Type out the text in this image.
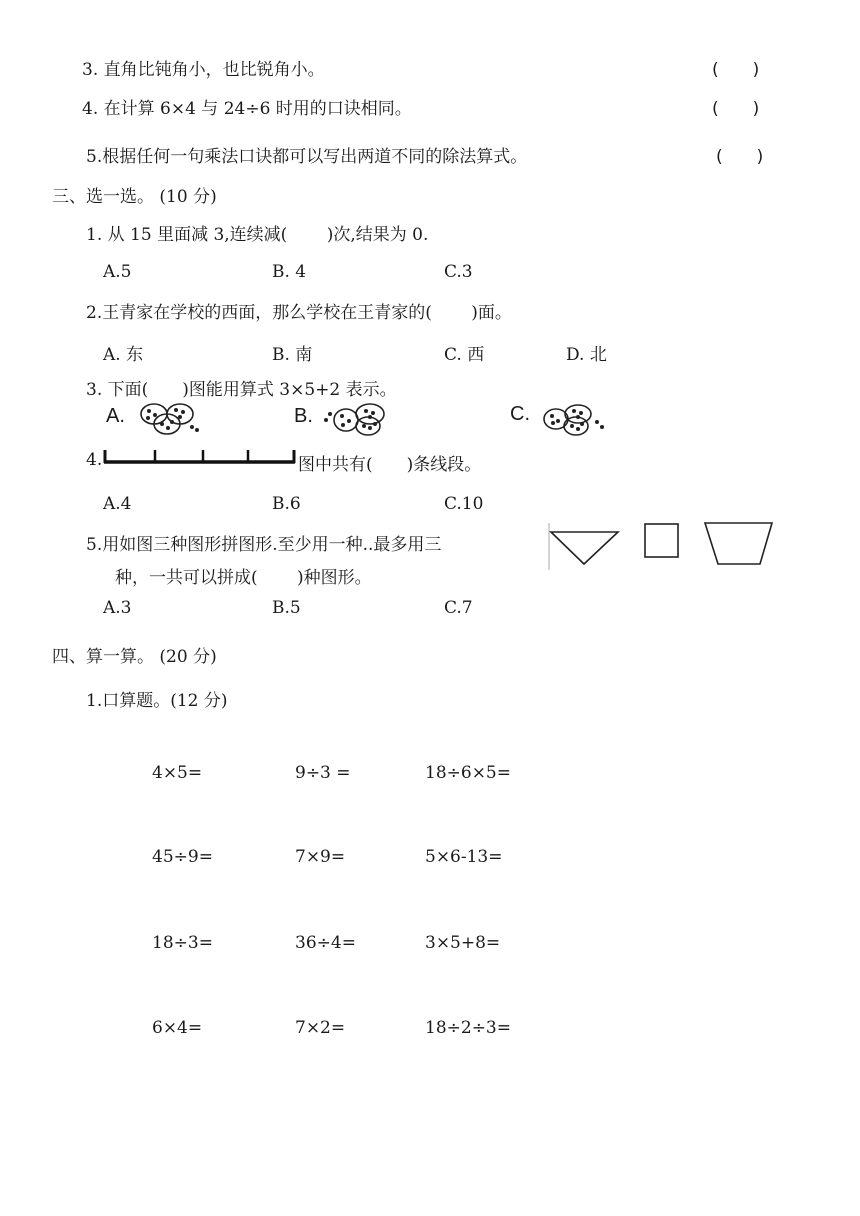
3. 直角比钝角小，也比锐角小。	(　　)
4. 在计算 6×4 与 24÷6 时用的口诀相同。	(　　)
5.根据任何一句乘法口诀都可以写出两道不同的除法算式。	(　　)
三、选一选。 (10 分)
1. 从 15 里面减 3,连续减(　　 )次,结果为 0.
A.5	B. 4	C.3
2.王青家在学校的西面，那么学校在王青家的(　　 )面。
A. 东	B. 南	C. 西	D. 北
3. 下面(　　)图能用算式 3×5+2 表示。
A.	B.	C.
4.	图中共有(　　)条线段。
A.4	B.6	C.10
5.用如图三种图形拼图形.至少用一种..最多用三
种，一共可以拼成(　　 )种图形。
A.3	B.5	C.7
四、算一算。 (20 分)
1.口算题。(12 分)
4×5=	9÷3 =	18÷6×5=
45÷9=	7×9=	5×6-13=
18÷3=	36÷4=	3×5+8=
6×4=	7×2=	18÷2÷3=
